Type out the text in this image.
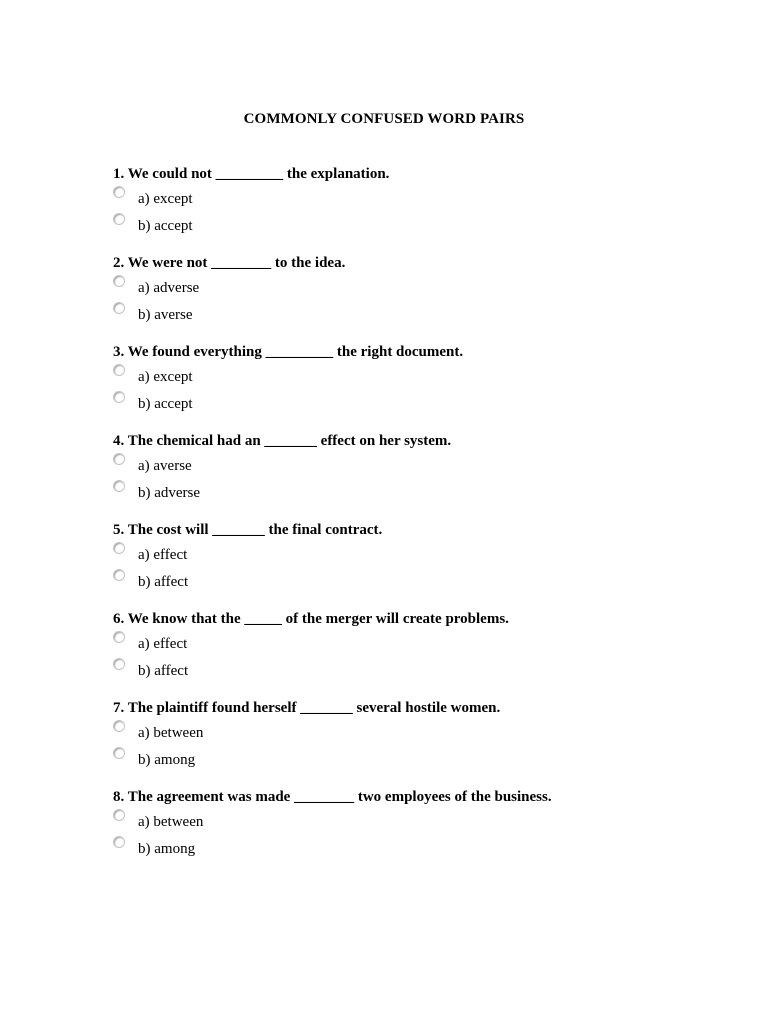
COMMONLY CONFUSED WORD PAIRS
1. We could not _________ the explanation.
a) except
b) accept
2. We were not ________ to the idea.
a) adverse
b) averse
3. We found everything _________ the right document.
a) except
b) accept
4. The chemical had an _______ effect on her system.
a) averse
b) adverse
5. The cost will _______ the final contract.
a) effect
b) affect
6. We know that the _____ of the merger will create problems.
a) effect
b) affect
7. The plaintiff found herself _______ several hostile women.
a) between
b) among
8. The agreement was made ________ two employees of the business.
a) between
b) among
